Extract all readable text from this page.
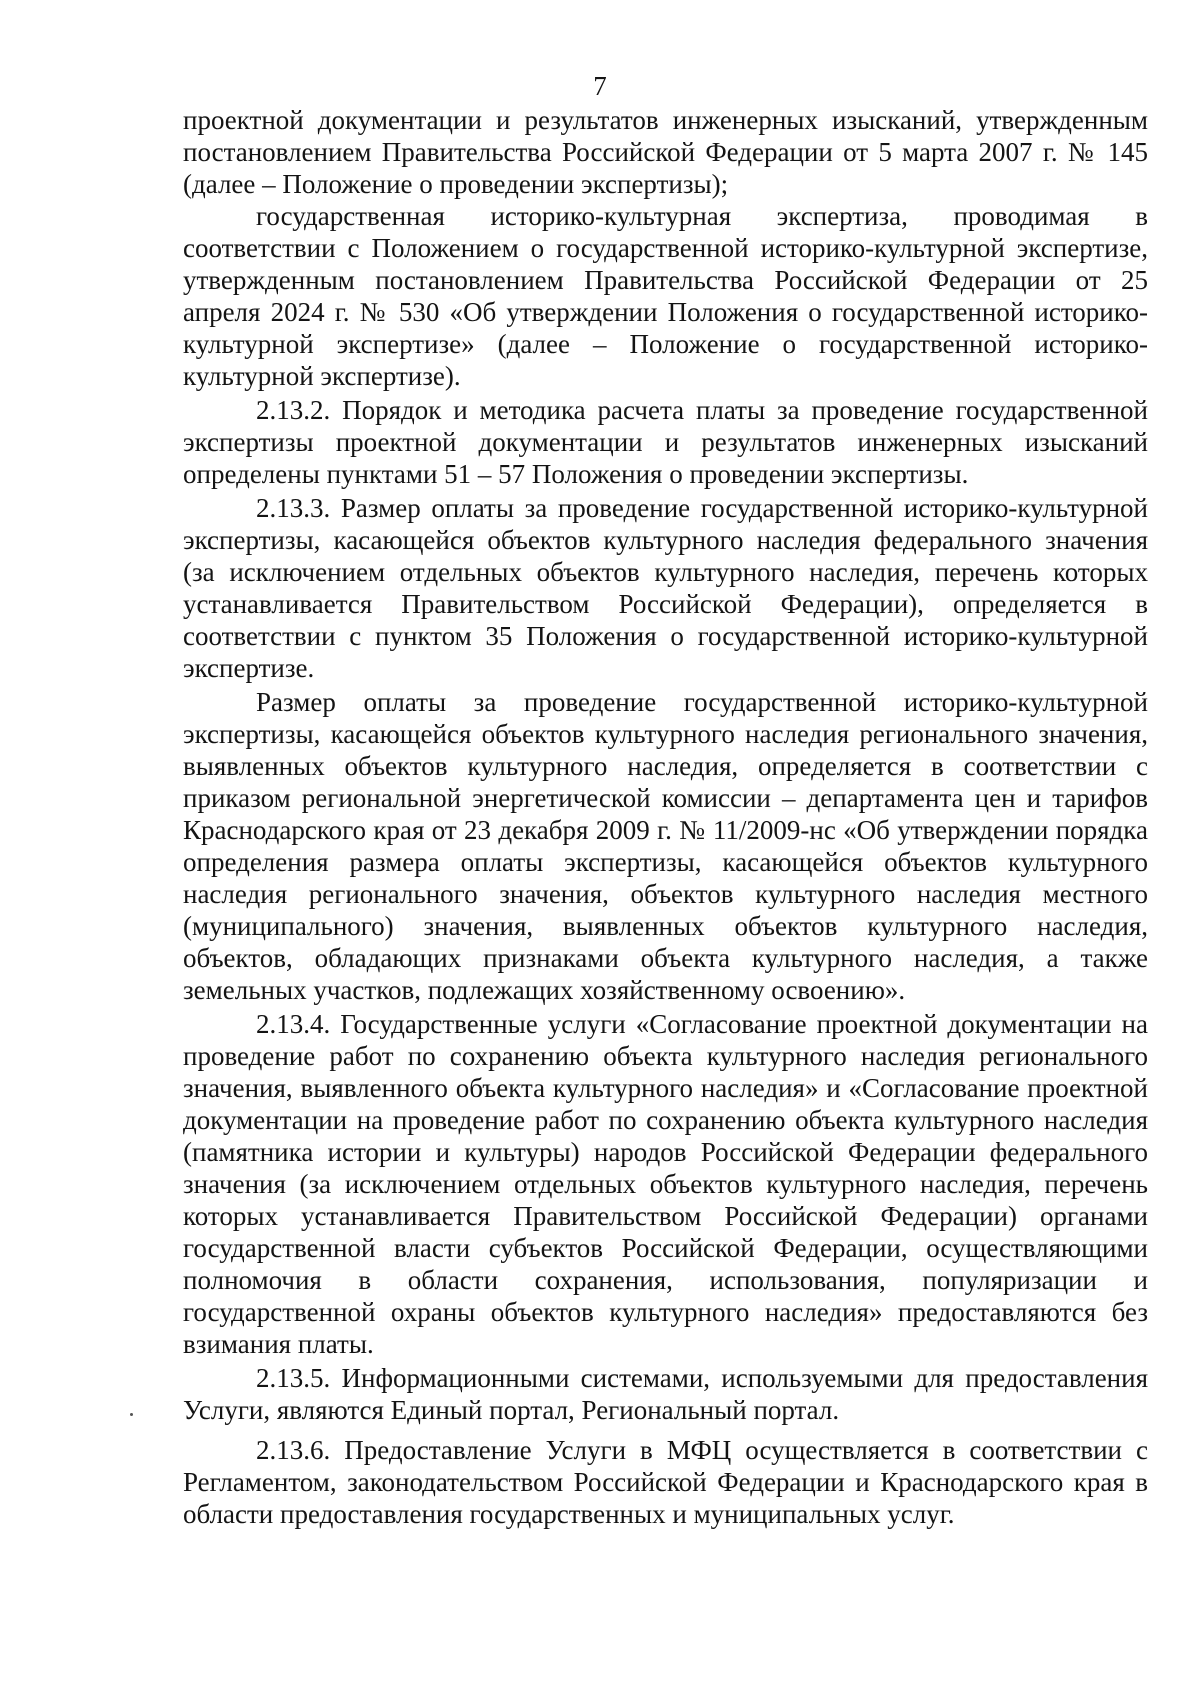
7

проектной документации и результатов инженерных изысканий, утвержденным постановлением Правительства Российской Федерации от 5 марта 2007 г. № 145 (далее – Положение о проведении экспертизы);

государственная историко-культурная экспертиза, проводимая в соответствии с Положением о государственной историко-культурной экспертизе, утвержденным постановлением Правительства Российской Федерации от 25 апреля 2024 г. № 530 «Об утверждении Положения о государственной историко-культурной экспертизе» (далее – Положение о государственной историко-культурной экспертизе).

2.13.2. Порядок и методика расчета платы за проведение государственной экспертизы проектной документации и результатов инженерных изысканий определены пунктами 51 – 57 Положения о проведении экспертизы.

2.13.3. Размер оплаты за проведение государственной историко-культурной экспертизы, касающейся объектов культурного наследия федерального значения (за исключением отдельных объектов культурного наследия, перечень которых устанавливается Правительством Российской Федерации), определяется в соответствии с пунктом 35 Положения о государственной историко-культурной экспертизе.

Размер оплаты за проведение государственной историко-культурной экспертизы, касающейся объектов культурного наследия регионального значения, выявленных объектов культурного наследия, определяется в соответствии с приказом региональной энергетической комиссии – департамента цен и тарифов Краснодарского края от 23 декабря 2009 г. № 11/2009-нс «Об утверждении порядка определения размера оплаты экспертизы, касающейся объектов культурного наследия регионального значения, объектов культурного наследия местного (муниципального) значения, выявленных объектов культурного наследия, объектов, обладающих признаками объекта культурного наследия, а также земельных участков, подлежащих хозяйственному освоению».

2.13.4. Государственные услуги «Согласование проектной документации на проведение работ по сохранению объекта культурного наследия регионального значения, выявленного объекта культурного наследия» и «Согласование проектной документации на проведение работ по сохранению объекта культурного наследия (памятника истории и культуры) народов Российской Федерации федерального значения (за исключением отдельных объектов культурного наследия, перечень которых устанавливается Правительством Российской Федерации) органами государственной власти субъектов Российской Федерации, осуществляющими полномочия в области сохранения, использования, популяризации и государственной охраны объектов культурного наследия» предоставляются без взимания платы.

2.13.5. Информационными системами, используемыми для предоставления Услуги, являются Единый портал, Региональный портал.

2.13.6. Предоставление Услуги в МФЦ осуществляется в соответствии с Регламентом, законодательством Российской Федерации и Краснодарского края в области предоставления государственных и муниципальных услуг.
